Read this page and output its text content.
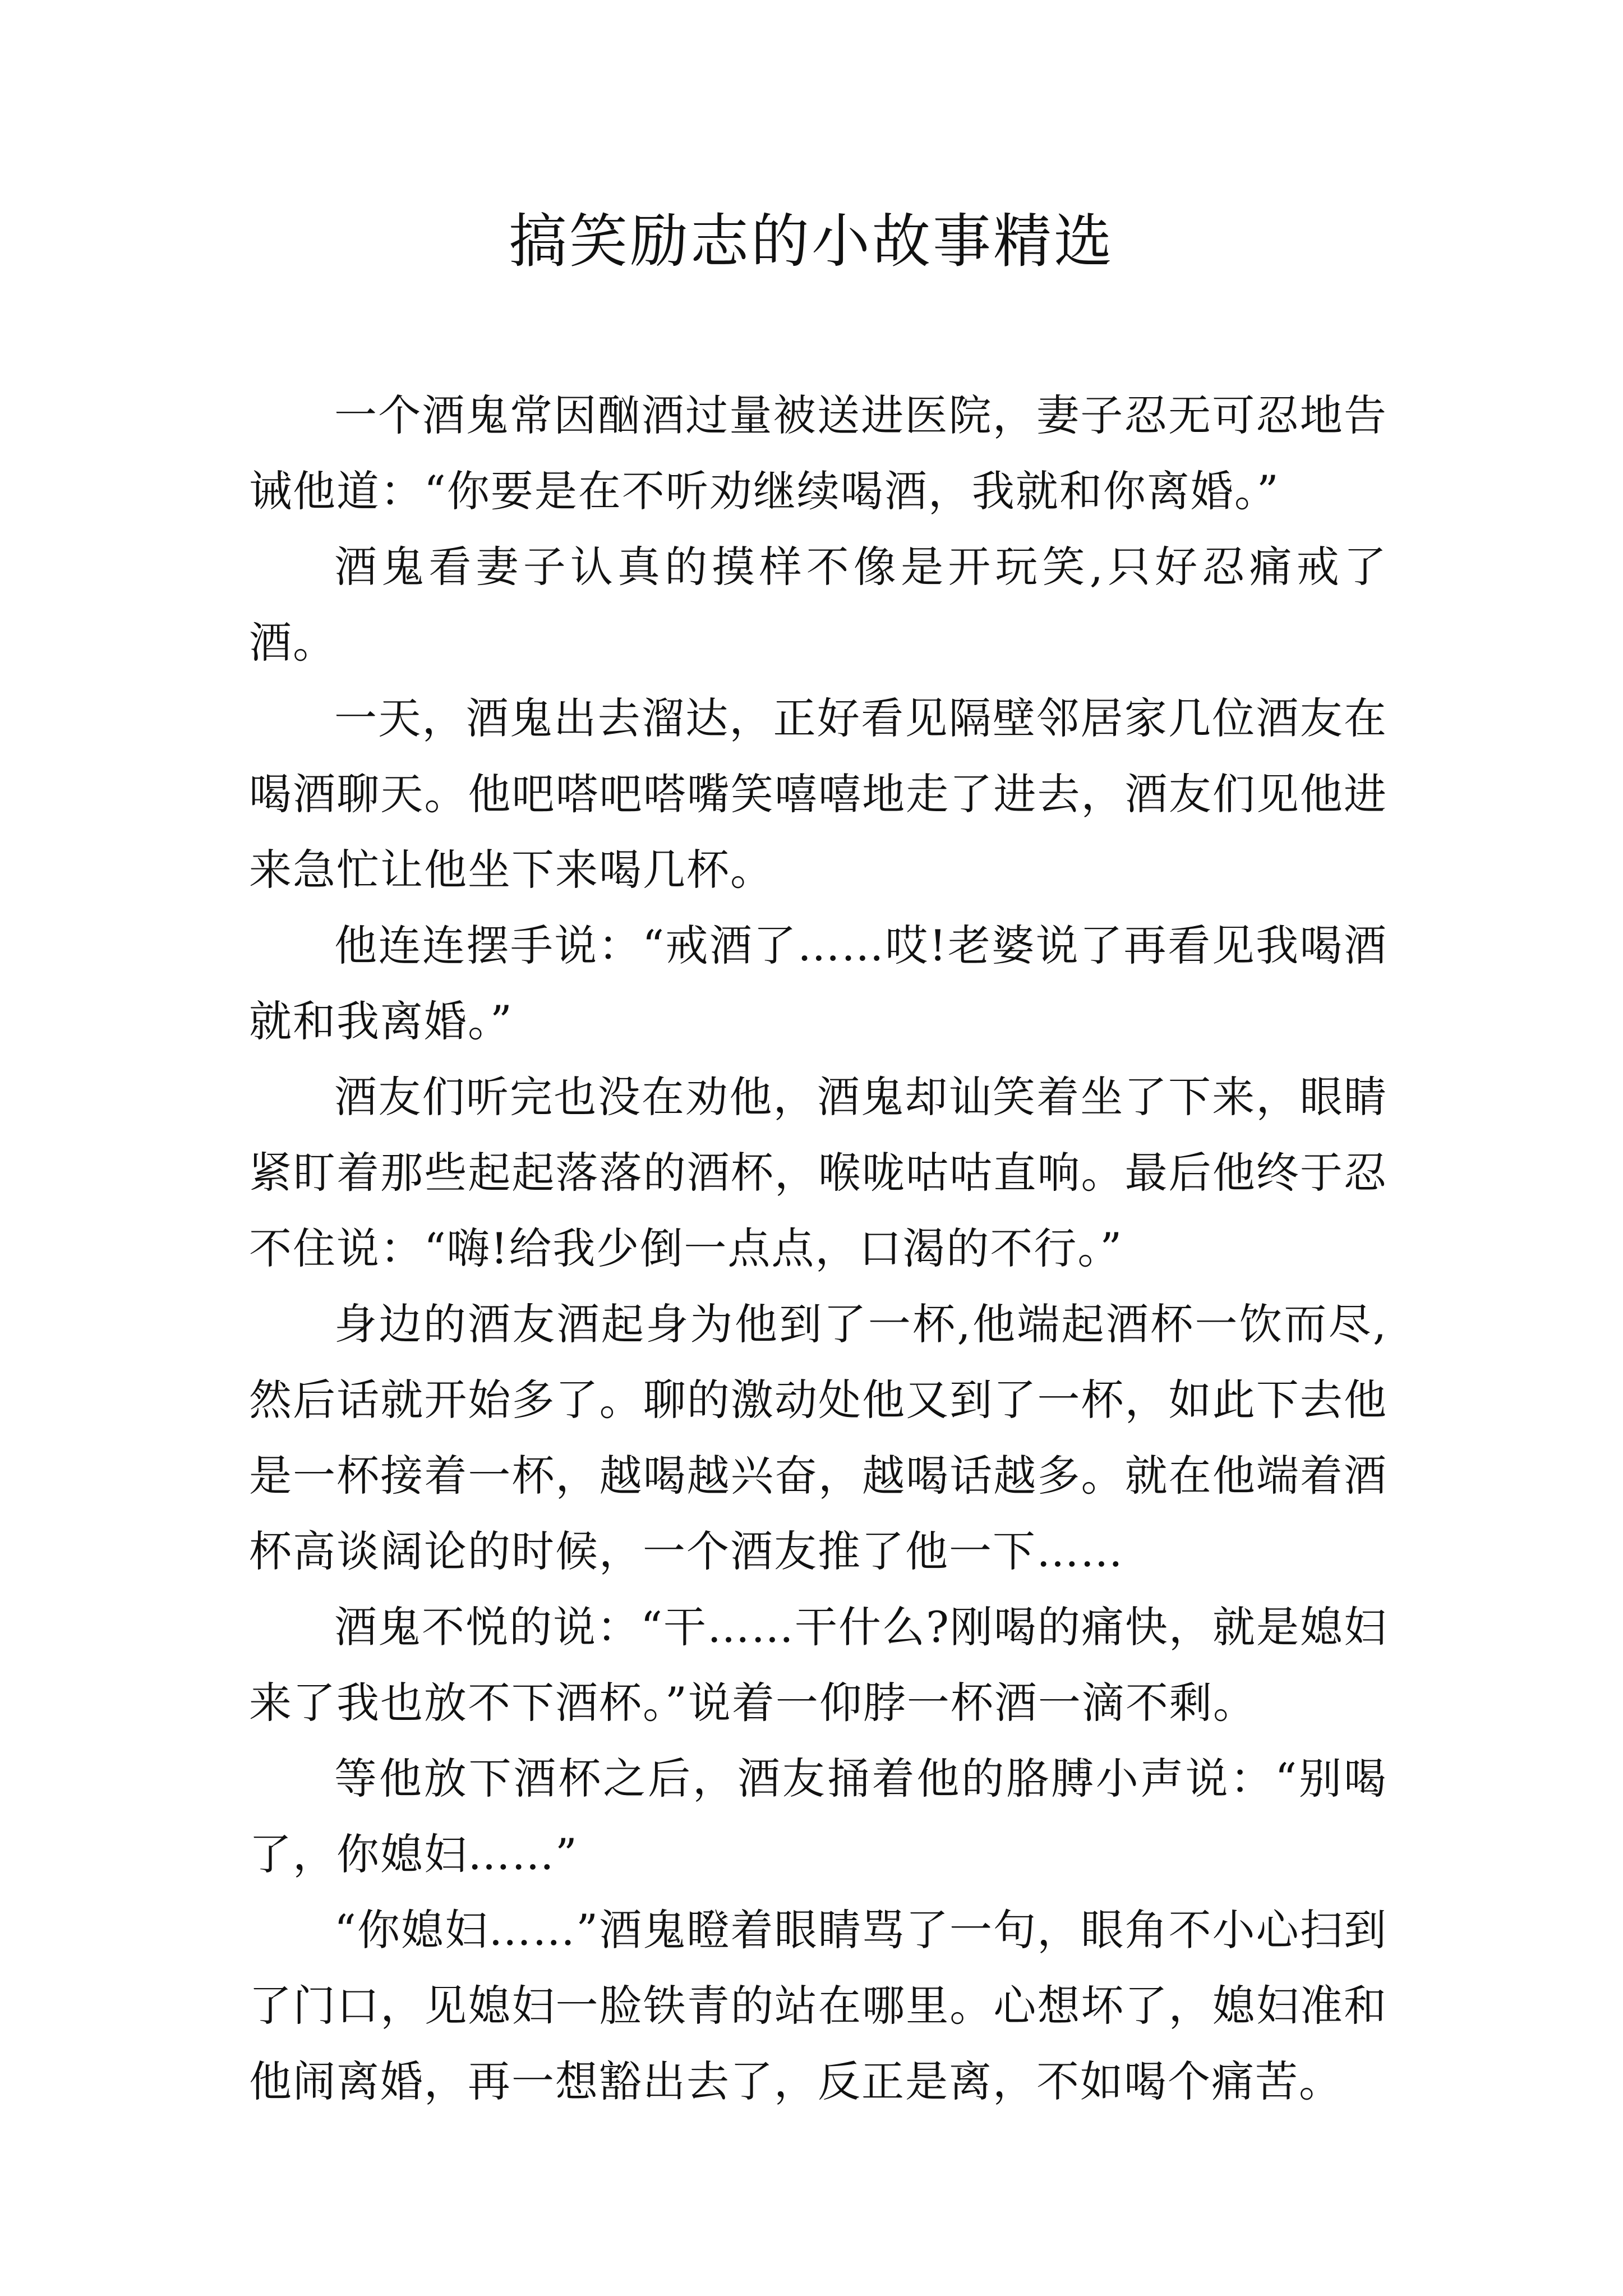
搞笑励志的小故事精选

一个酒鬼常因酗酒过量被送进医院，妻子忍无可忍地告诫他道：“你要是在不听劝继续喝酒，我就和你离婚。”

酒鬼看妻子认真的摸样不像是开玩笑,只好忍痛戒了酒。

一天，酒鬼出去溜达，正好看见隔壁邻居家几位酒友在喝酒聊天。他吧嗒吧嗒嘴笑嘻嘻地走了进去，酒友们见他进来急忙让他坐下来喝几杯。

他连连摆手说：“戒酒了……哎!老婆说了再看见我喝酒就和我离婚。”

酒友们听完也没在劝他，酒鬼却讪笑着坐了下来，眼睛紧盯着那些起起落落的酒杯，喉咙咕咕直响。最后他终于忍不住说：“嗨!给我少倒一点点，口渴的不行。”

身边的酒友酒起身为他到了一杯,他端起酒杯一饮而尽,然后话就开始多了。聊的激动处他又到了一杯，如此下去他是一杯接着一杯，越喝越兴奋，越喝话越多。就在他端着酒杯高谈阔论的时候，一个酒友推了他一下……

酒鬼不悦的说：“干……干什么?刚喝的痛快，就是媳妇来了我也放不下酒杯。”说着一仰脖一杯酒一滴不剩。

等他放下酒杯之后，酒友捅着他的胳膊小声说：“别喝了，你媳妇……”

“你媳妇……”酒鬼瞪着眼睛骂了一句，眼角不小心扫到了门口，见媳妇一脸铁青的站在哪里。心想坏了，媳妇准和他闹离婚，再一想豁出去了，反正是离，不如喝个痛苦。
